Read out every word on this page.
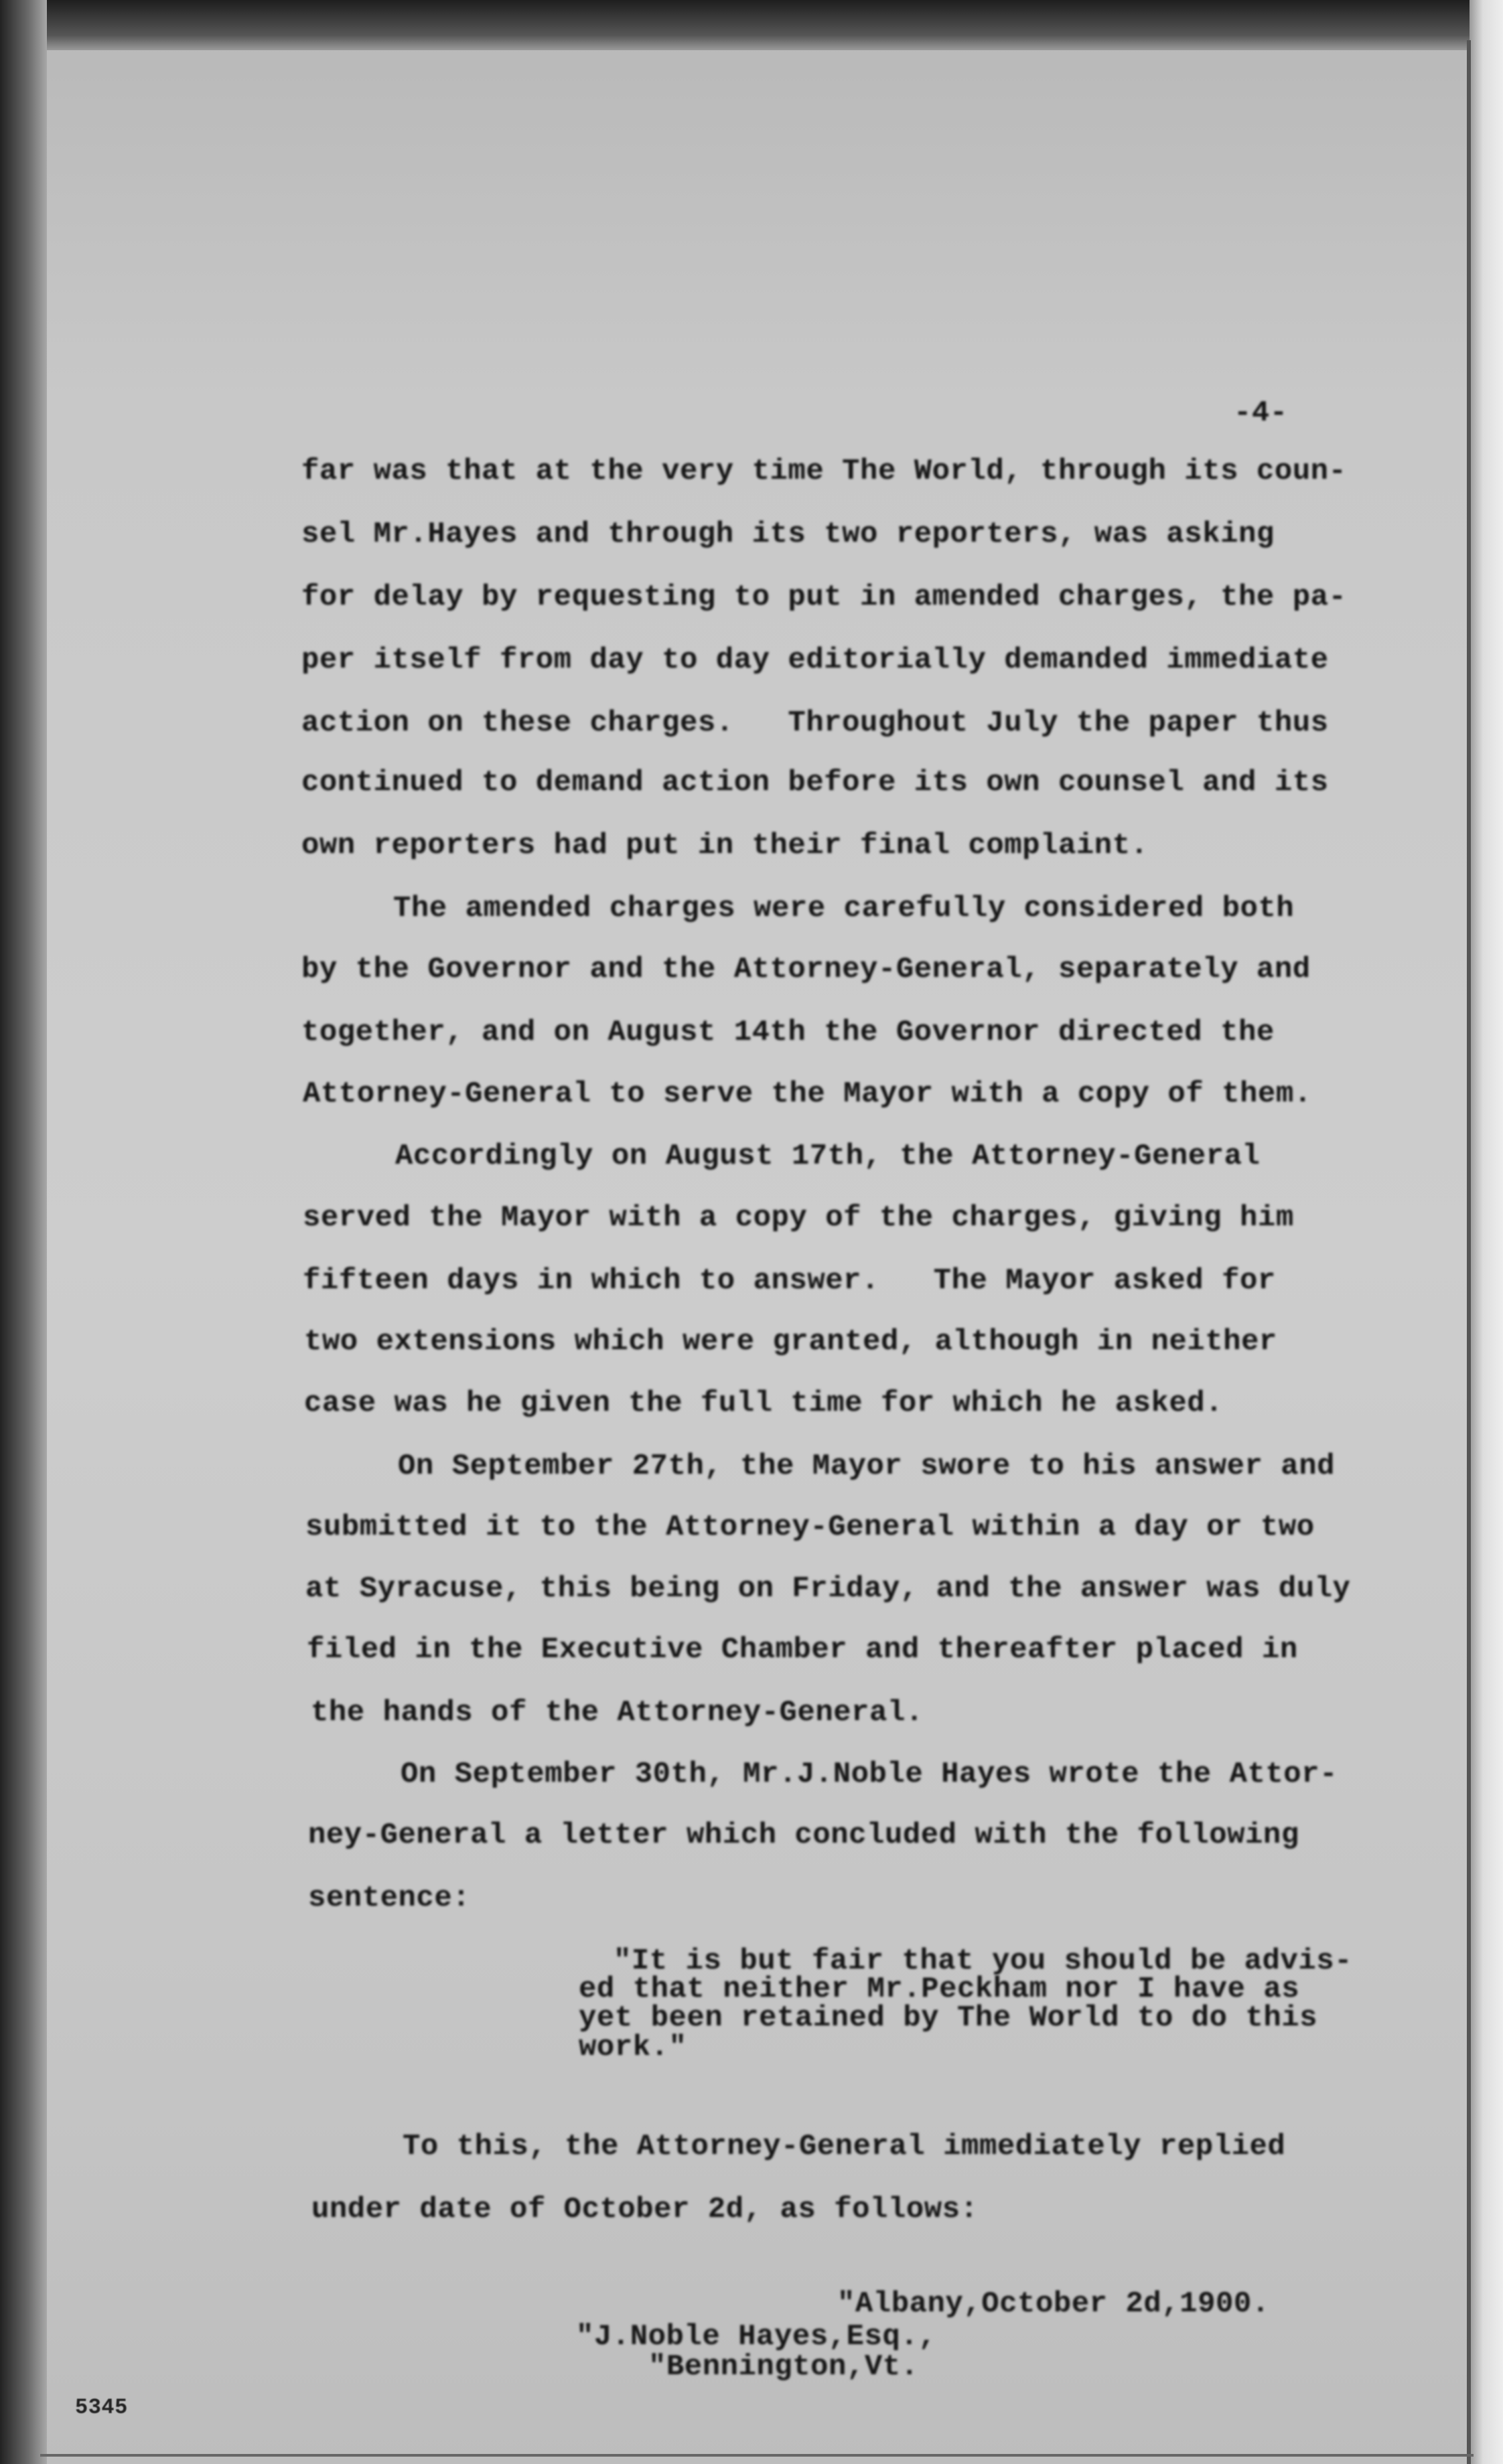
-4-
far was that at the very time The World, through its coun-
sel Mr.Hayes and through its two reporters, was asking
for delay by requesting to put in amended charges, the pa-
per itself from day to day editorially demanded immediate
action on these charges.   Throughout July the paper thus
continued to demand action before its own counsel and its
own reporters had put in their final complaint.
The amended charges were carefully considered both
by the Governor and the Attorney-General, separately and
together, and on August 14th the Governor directed the
Attorney-General to serve the Mayor with a copy of them.
Accordingly on August 17th, the Attorney-General
served the Mayor with a copy of the charges, giving him
fifteen days in which to answer.   The Mayor asked for
two extensions which were granted, although in neither
case was he given the full time for which he asked.
On September 27th, the Mayor swore to his answer and
submitted it to the Attorney-General within a day or two
at Syracuse, this being on Friday, and the answer was duly
filed in the Executive Chamber and thereafter placed in
the hands of the Attorney-General.
On September 30th, Mr.J.Noble Hayes wrote the Attor-
ney-General a letter which concluded with the following
sentence:
"It is but fair that you should be advis-
ed that neither Mr.Peckham nor I have as
yet been retained by The World to do this
work."
To this, the Attorney-General immediately replied
under date of October 2d, as follows:
"Albany,October 2d,1900.
"J.Noble Hayes,Esq.,
"Bennington,Vt.
5345
